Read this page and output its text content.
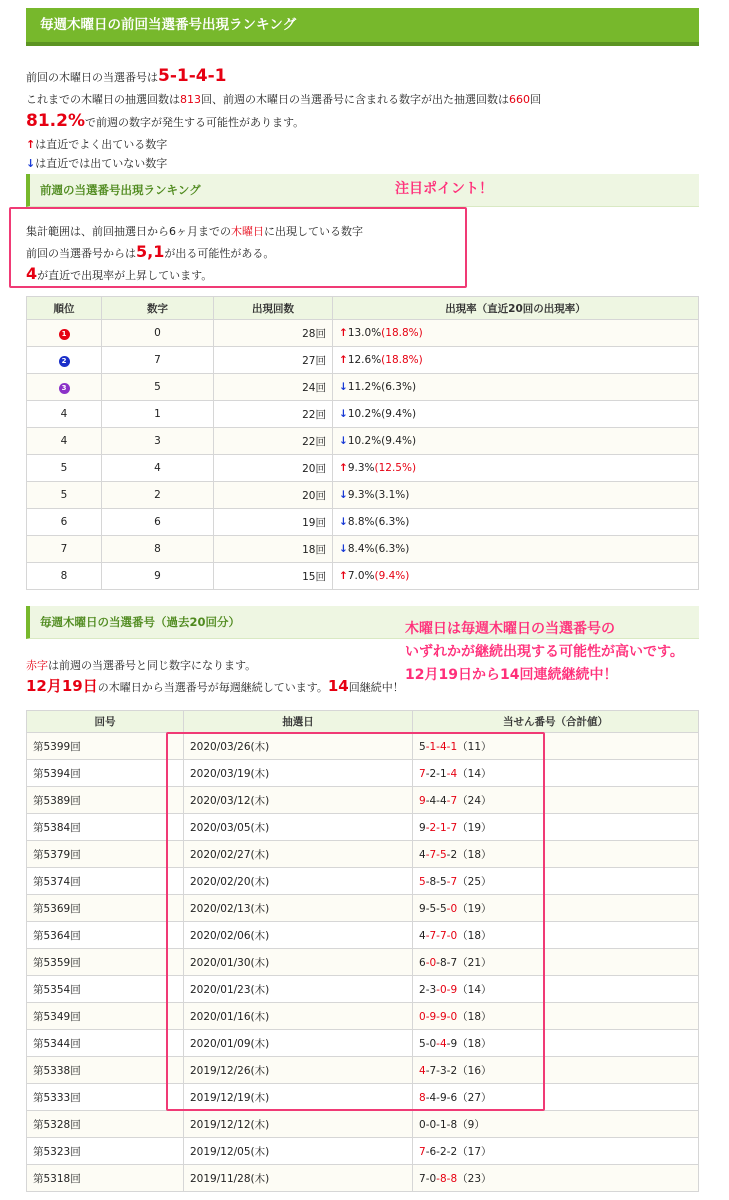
毎週木曜日の前回当選番号出現ランキング
前回の木曜日の当選番号は5-1-4-1
これまでの木曜日の抽選回数は813回、前週の木曜日の当選番号に含まれる数字が出た抽選回数は660回
81.2%で前週の数字が発生する可能性があります。
↑は直近でよく出ている数字
↓は直近では出ていない数字
前週の当選番号出現ランキング	注目ポイント！
集計範囲は、前回抽選日から6ヶ月までの木曜日に出現している数字
前回の当選番号からは5,1が出る可能性がある。
4が直近で出現率が上昇しています。
順位	数字	出現回数	出現率（直近20回の出現率）
1	0	28回	↑13.0%(18.8%)
2	7	27回	↑12.6%(18.8%)
3	5	24回	↓11.2%(6.3%)
4	1	22回	↓10.2%(9.4%)
4	3	22回	↓10.2%(9.4%)
5	4	20回	↑9.3%(12.5%)
5	2	20回	↓9.3%(3.1%)
6	6	19回	↓8.8%(6.3%)
7	8	18回	↓8.4%(6.3%)
8	9	15回	↑7.0%(9.4%)
毎週木曜日の当選番号（過去20回分）	木曜日は毎週木曜日の当選番号の
いずれかが継続出現する可能性が高いです。
12月19日から14回連続継続中！
赤字は前週の当選番号と同じ数字になります。
12月19日の木曜日から当選番号が毎週継続しています。14回継続中！
回号	抽選日	当せん番号（合計値）
第5399回	2020/03/26(木)	5-1-4-1（11）
第5394回	2020/03/19(木)	7-2-1-4（14）
第5389回	2020/03/12(木)	9-4-4-7（24）
第5384回	2020/03/05(木)	9-2-1-7（19）
第5379回	2020/02/27(木)	4-7-5-2（18）
第5374回	2020/02/20(木)	5-8-5-7（25）
第5369回	2020/02/13(木)	9-5-5-0（19）
第5364回	2020/02/06(木)	4-7-7-0（18）
第5359回	2020/01/30(木)	6-0-8-7（21）
第5354回	2020/01/23(木)	2-3-0-9（14）
第5349回	2020/01/16(木)	0-9-9-0（18）
第5344回	2020/01/09(木)	5-0-4-9（18）
第5338回	2019/12/26(木)	4-7-3-2（16）
第5333回	2019/12/19(木)	8-4-9-6（27）
第5328回	2019/12/12(木)	0-0-1-8（9）
第5323回	2019/12/05(木)	7-6-2-2（17）
第5318回	2019/11/28(木)	7-0-8-8（23）
